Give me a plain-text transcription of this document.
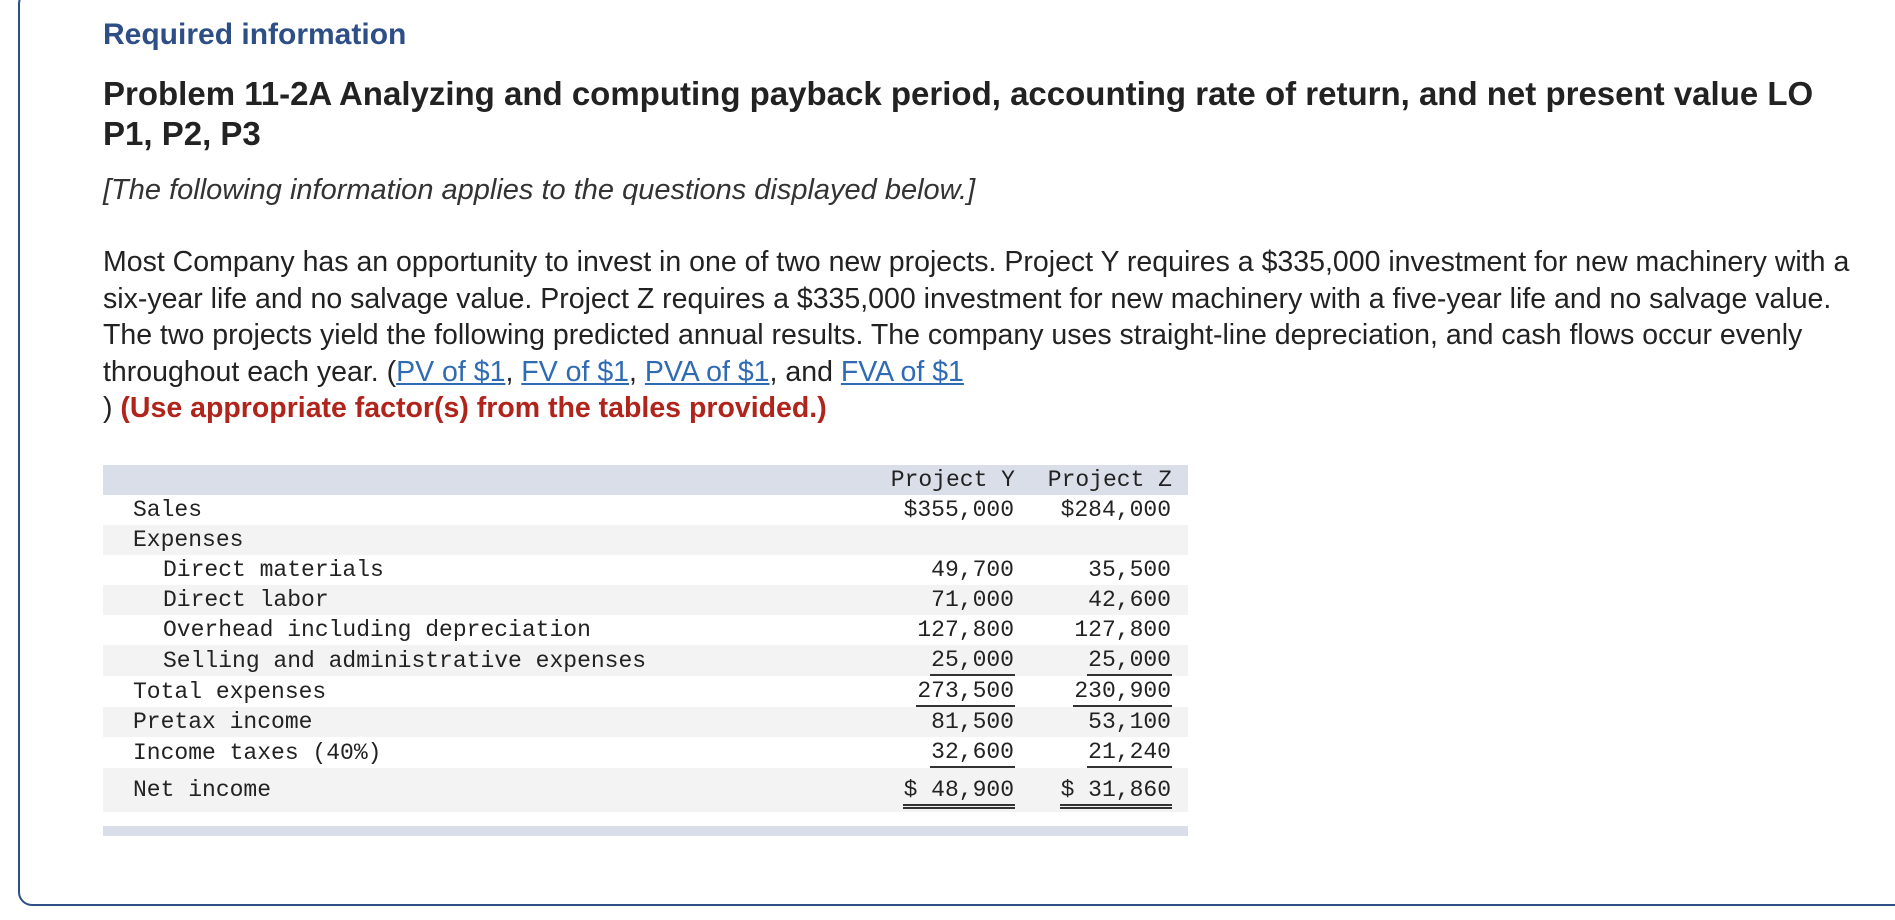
Required information
Problem 11-2A Analyzing and computing payback period, accounting rate of return, and net present value LO P1, P2, P3

[The following information applies to the questions displayed below.]

Most Company has an opportunity to invest in one of two new projects. Project Y requires a $335,000 investment for new machinery with a six-year life and no salvage value. Project Z requires a $335,000 investment for new machinery with a five-year life and no salvage value. The two projects yield the following predicted annual results. The company uses straight-line depreciation, and cash flows occur evenly throughout each year. (PV of $1, FV of $1, PVA of $1, and FVA of $1
) (Use appropriate factor(s) from the tables provided.)

	Project Y		Project Z	
Sales	$355,000		$284,000	
Expenses				
Direct materials	49,700		35,500	
Direct labor	71,000		42,600	
Overhead including depreciation	127,800		127,800	
Selling and administrative expenses	25,000		25,000	
Total expenses	273,500		230,900	
Pretax income	81,500		53,100	
Income taxes (40%)	32,600		21,240	
Net income	$ 48,900		$ 31,860	
